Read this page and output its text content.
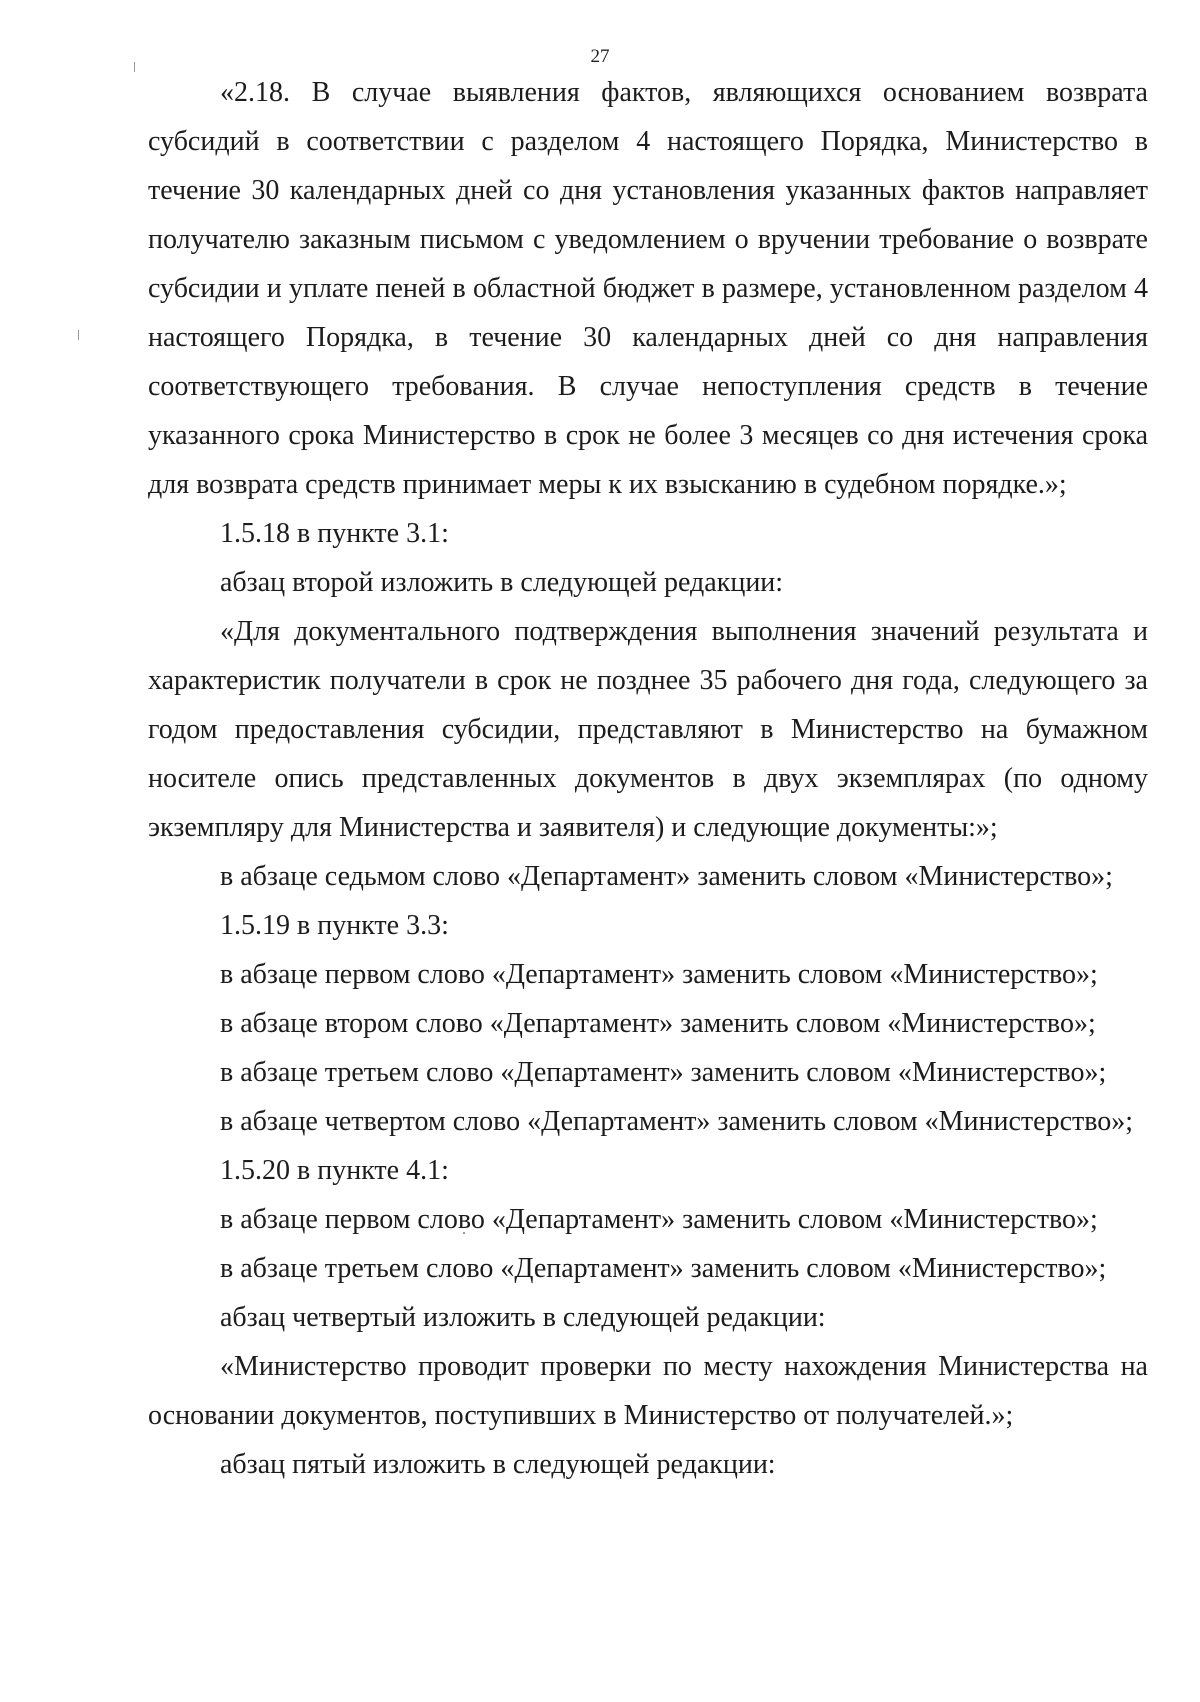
27

«2.18. В случае выявления фактов, являющихся основанием возврата субсидий в соответствии с разделом 4 настоящего Порядка, Министерство в течение 30 календарных дней со дня установления указанных фактов направляет получателю заказным письмом с уведомлением о вручении требование о возврате субсидии и уплате пеней в областной бюджет в размере, установленном разделом 4 настоящего Порядка, в течение 30 календарных дней со дня направления соответствующего требования. В случае непоступления средств в течение указанного срока Министерство в срок не более 3 месяцев со дня истечения срока для возврата средств принимает меры к их взысканию в судебном порядке.»;

1.5.18 в пункте 3.1:

абзац второй изложить в следующей редакции:

«Для документального подтверждения выполнения значений результата и характеристик получатели в срок не позднее 35 рабочего дня года, следующего за годом предоставления субсидии, представляют в Министерство на бумажном носителе опись представленных документов в двух экземплярах (по одному экземпляру для Министерства и заявителя) и следующие документы:»;

в абзаце седьмом слово «Департамент» заменить словом «Министерство»;

1.5.19 в пункте 3.3:

в абзаце первом слово «Департамент» заменить словом «Министерство»;

в абзаце втором слово «Департамент» заменить словом «Министерство»;

в абзаце третьем слово «Департамент» заменить словом «Министерство»;

в абзаце четвертом слово «Департамент» заменить словом «Министерство»;

1.5.20 в пункте 4.1:

в абзаце первом слово «Департамент» заменить словом «Министерство»;

в абзаце третьем слово «Департамент» заменить словом «Министерство»;

абзац четвертый изложить в следующей редакции:

«Министерство проводит проверки по месту нахождения Министерства на основании документов, поступивших в Министерство от получателей.»;

абзац пятый изложить в следующей редакции:
